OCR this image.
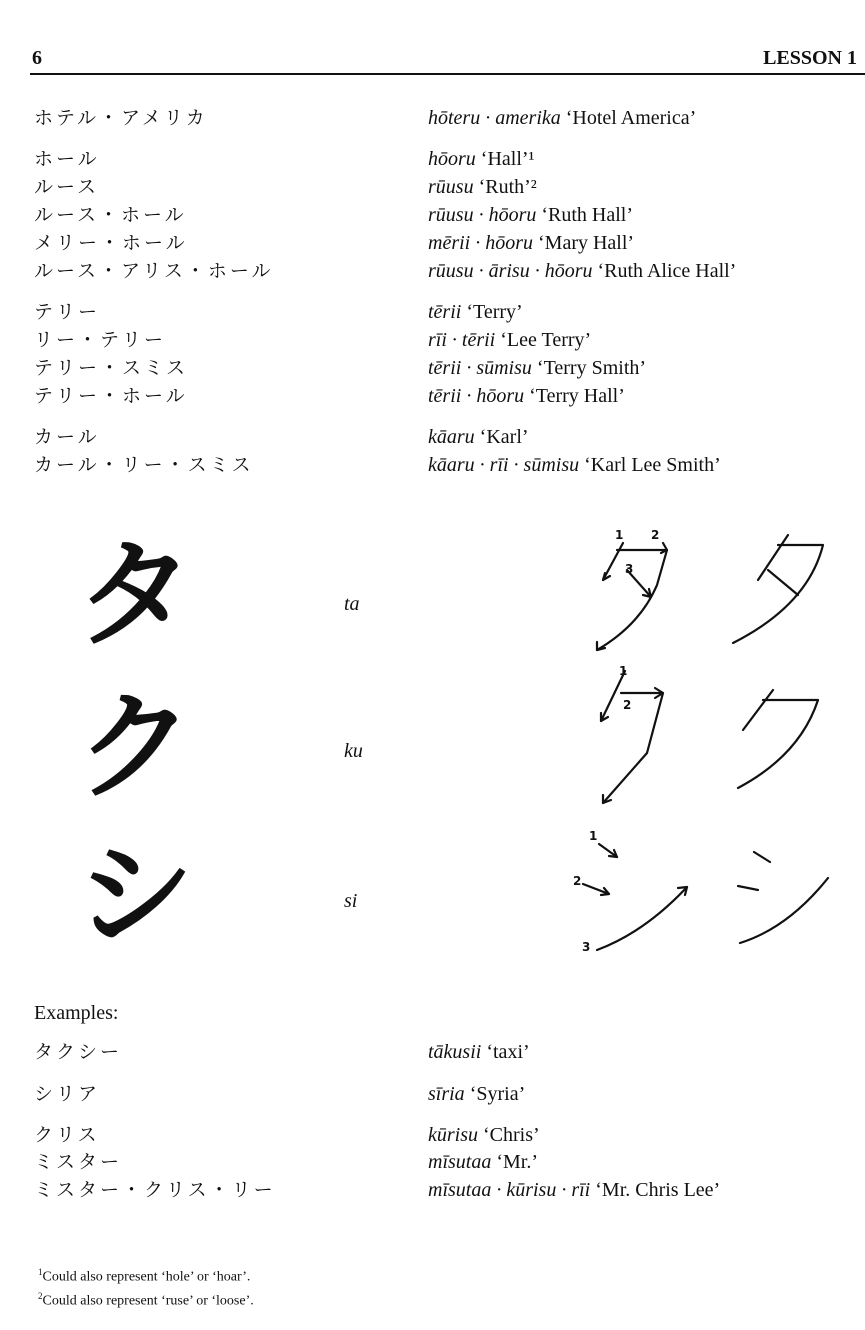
6	LESSON 1
ホテル・アメリカ	hōteru · amerika ‘Hotel America’
ホール	hōoru ‘Hall’¹
ルース	rūusu ‘Ruth’²
ルース・ホール	rūusu · hōoru ‘Ruth Hall’
メリー・ホール	mērii · hōoru ‘Mary Hall’
ルース・アリス・ホール	rūusu · ārisu · hōoru ‘Ruth Alice Hall’
テリー	tērii ‘Terry’
リー・テリー	rīi · tērii ‘Lee Terry’
テリー・スミス	tērii · sūmisu ‘Terry Smith’
テリー・ホール	tērii · hōoru ‘Terry Hall’
カール	kāaru ‘Karl’
カール・リー・スミス	kāaru · rīi · sūmisu ‘Karl Lee Smith’
タ	ta
1 2
3
ク	ku
1
2
シ	si
1
2
3
Examples:
タクシー	tākusii ‘taxi’
シリア	sīria ‘Syria’
クリス	kūrisu ‘Chris’
ミスター	mīsutaa ‘Mr.’
ミスター・クリス・リー	mīsutaa · kūrisu · rīi ‘Mr. Chris Lee’
$^1$Could also represent ‘hole’ or ‘hoar’.
$^2$Could also represent ‘ruse’ or ‘loose’.
